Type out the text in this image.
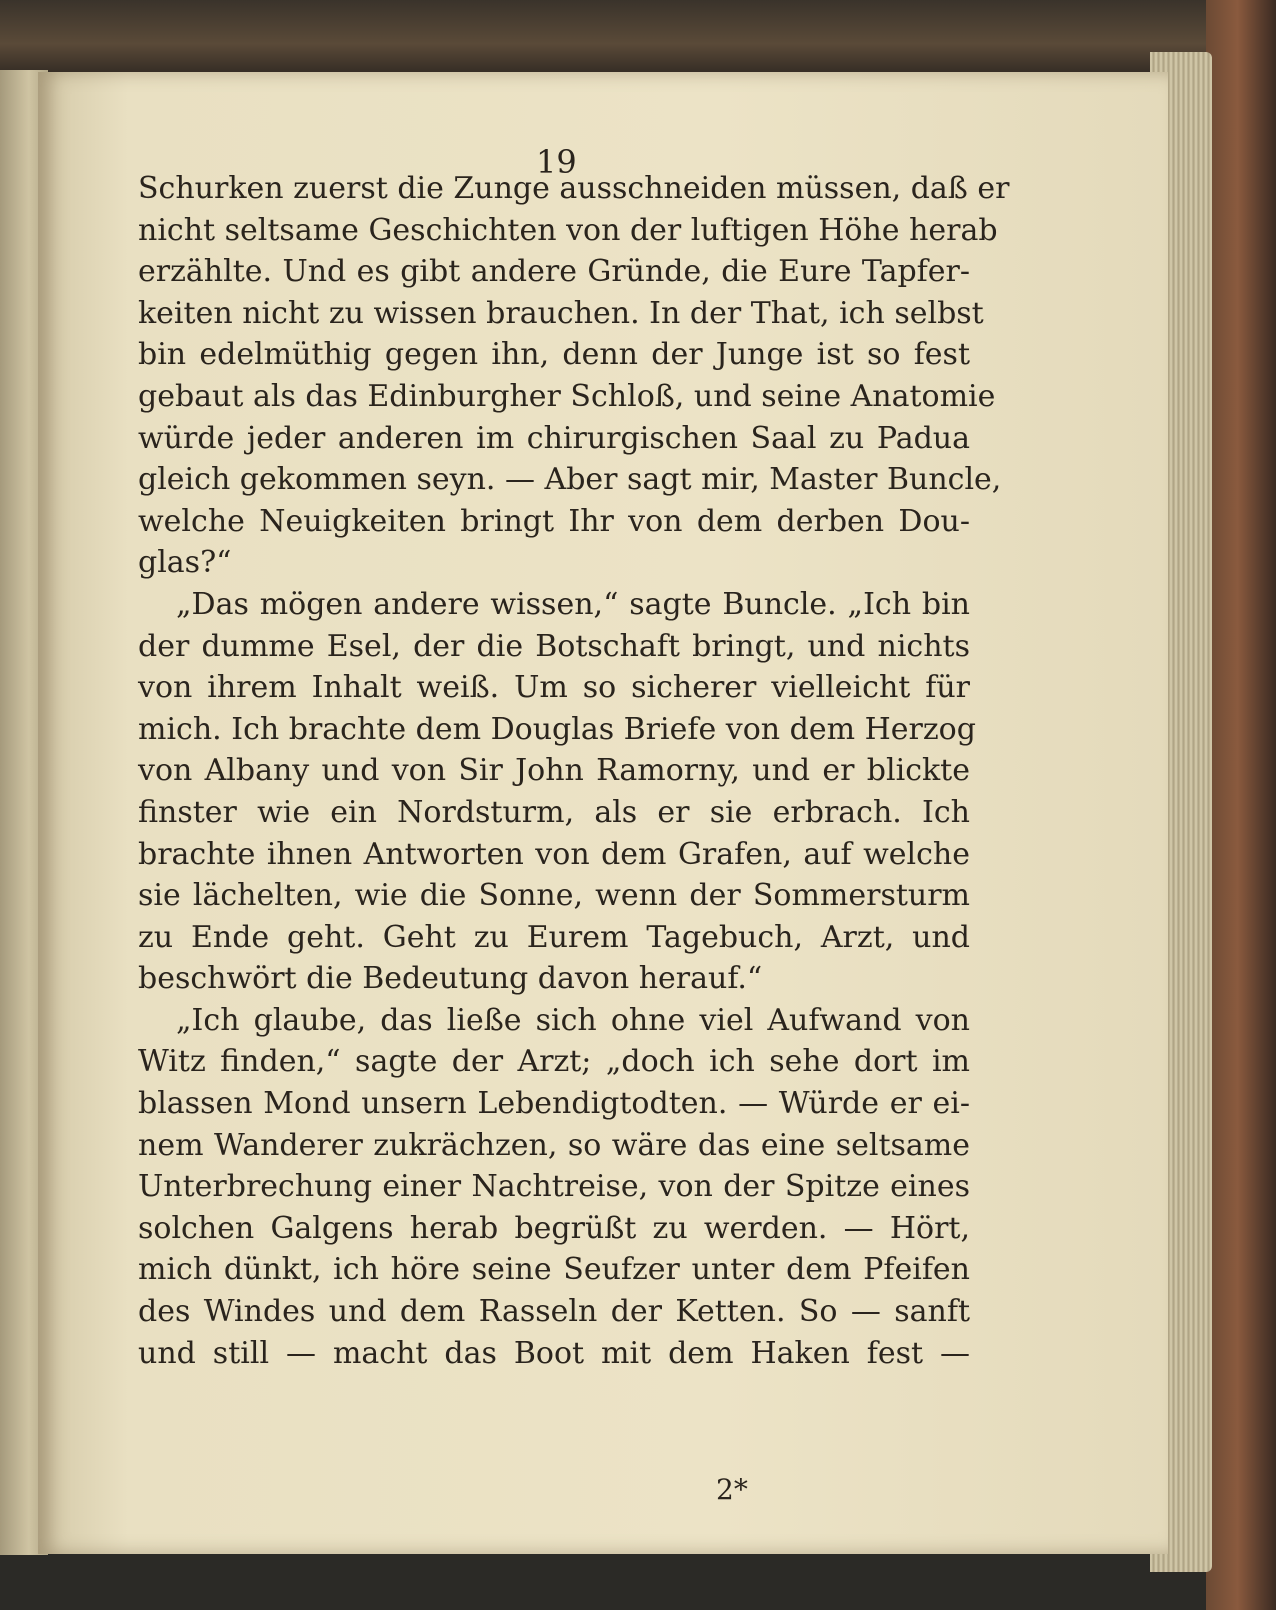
19
Schurken zuerst die Zunge ausschneiden müssen, daß er
nicht seltsame Geschichten von der luftigen Höhe herab
erzählte. Und es gibt andere Gründe, die Eure Tapfer-
keiten nicht zu wissen brauchen. In der That, ich selbst
bin edelmüthig gegen ihn, denn der Junge ist so fest
gebaut als das Edinburgher Schloß, und seine Anatomie
würde jeder anderen im chirurgischen Saal zu Padua
gleich gekommen seyn. — Aber sagt mir, Master Buncle,
welche Neuigkeiten bringt Ihr von dem derben Dou-
glas?“
„Das mögen andere wissen,“ sagte Buncle. „Ich bin
der dumme Esel, der die Botschaft bringt, und nichts
von ihrem Inhalt weiß. Um so sicherer vielleicht für
mich. Ich brachte dem Douglas Briefe von dem Herzog
von Albany und von Sir John Ramorny, und er blickte
finster wie ein Nordsturm, als er sie erbrach. Ich
brachte ihnen Antworten von dem Grafen, auf welche
sie lächelten, wie die Sonne, wenn der Sommersturm
zu Ende geht. Geht zu Eurem Tagebuch, Arzt, und
beschwört die Bedeutung davon herauf.“
„Ich glaube, das ließe sich ohne viel Aufwand von
Witz finden,“ sagte der Arzt; „doch ich sehe dort im
blassen Mond unsern Lebendigtodten. — Würde er ei-
nem Wanderer zukrächzen, so wäre das eine seltsame
Unterbrechung einer Nachtreise, von der Spitze eines
solchen Galgens herab begrüßt zu werden. — Hört,
mich dünkt, ich höre seine Seufzer unter dem Pfeifen
des Windes und dem Rasseln der Ketten. So — sanft
und still — macht das Boot mit dem Haken fest —
2*
